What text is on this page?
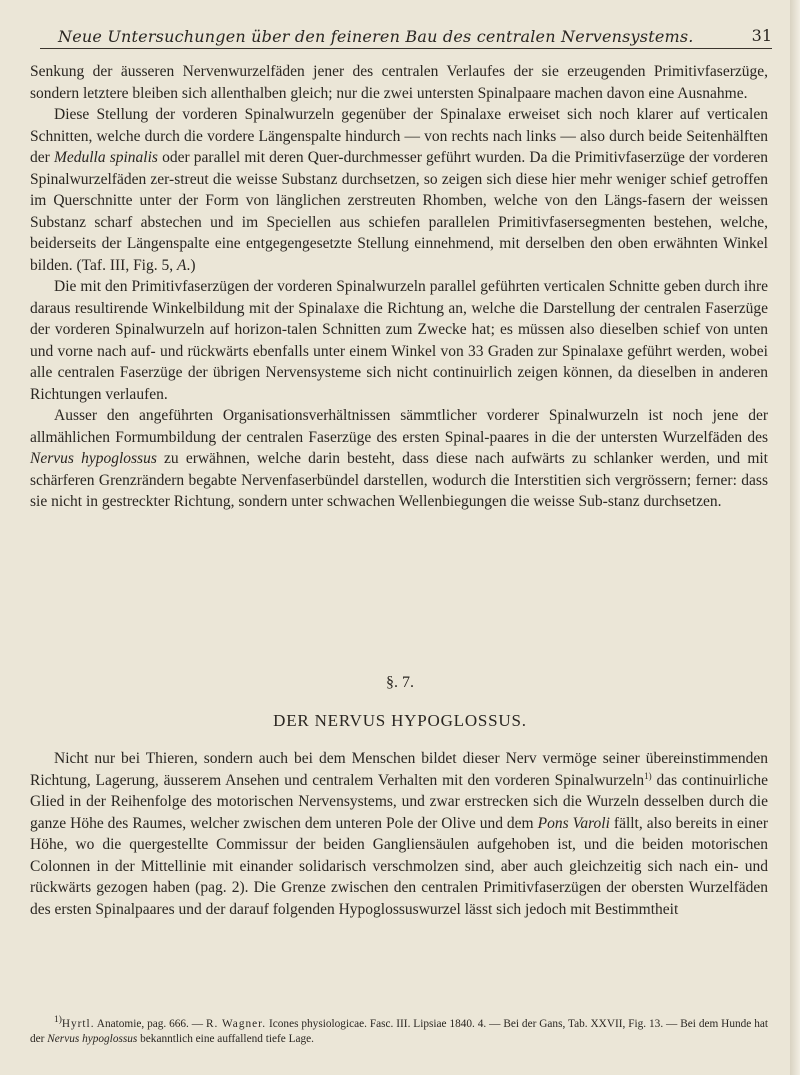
Neue Untersuchungen über den feineren Bau des centralen Nervensystems.	31

Senkung der äusseren Nervenwurzelfäden jener des centralen Verlaufes der sie erzeugenden Primitivfaserzüge, sondern letztere bleiben sich allenthalben gleich; nur die zwei untersten Spinalpaare machen davon eine Ausnahme.

Diese Stellung der vorderen Spinalwurzeln gegenüber der Spinalaxe erweiset sich noch klarer auf verticalen Schnitten, welche durch die vordere Längenspalte hindurch — von rechts nach links — also durch beide Seitenhälften der Medulla spinalis oder parallel mit deren Quer-durchmesser geführt wurden. Da die Primitivfaserzüge der vorderen Spinalwurzelfäden zer-streut die weisse Substanz durchsetzen, so zeigen sich diese hier mehr weniger schief getroffen im Querschnitte unter der Form von länglichen zerstreuten Rhomben, welche von den Längs-fasern der weissen Substanz scharf abstechen und im Speciellen aus schiefen parallelen Primitivfasersegmenten bestehen, welche, beiderseits der Längenspalte eine entgegengesetzte Stellung einnehmend, mit derselben den oben erwähnten Winkel bilden. (Taf. III, Fig. 5, A.)

Die mit den Primitivfaserzügen der vorderen Spinalwurzeln parallel geführten verticalen Schnitte geben durch ihre daraus resultirende Winkelbildung mit der Spinalaxe die Richtung an, welche die Darstellung der centralen Faserzüge der vorderen Spinalwurzeln auf horizon-talen Schnitten zum Zwecke hat; es müssen also dieselben schief von unten und vorne nach auf- und rückwärts ebenfalls unter einem Winkel von 33 Graden zur Spinalaxe geführt werden, wobei alle centralen Faserzüge der übrigen Nervensysteme sich nicht continuirlich zeigen können, da dieselben in anderen Richtungen verlaufen.

Ausser den angeführten Organisationsverhältnissen sämmtlicher vorderer Spinalwurzeln ist noch jene der allmählichen Formumbildung der centralen Faserzüge des ersten Spinal-paares in die der untersten Wurzelfäden des Nervus hypoglossus zu erwähnen, welche darin besteht, dass diese nach aufwärts zu schlanker werden, und mit schärferen Grenzrändern begabte Nervenfaserbündel darstellen, wodurch die Interstitien sich vergrössern; ferner: dass sie nicht in gestreckter Richtung, sondern unter schwachen Wellenbiegungen die weisse Sub-stanz durchsetzen.

§. 7.
DER NERVUS HYPOGLOSSUS.

Nicht nur bei Thieren, sondern auch bei dem Menschen bildet dieser Nerv vermöge seiner übereinstimmenden Richtung, Lagerung, äusserem Ansehen und centralem Verhalten mit den vorderen Spinalwurzeln$^{1)}$ das continuirliche Glied in der Reihenfolge des motorischen Nervensystems, und zwar erstrecken sich die Wurzeln desselben durch die ganze Höhe des Raumes, welcher zwischen dem unteren Pole der Olive und dem Pons Varoli fällt, also bereits in einer Höhe, wo die quergestellte Commissur der beiden Gangliensäulen aufgehoben ist, und die beiden motorischen Colonnen in der Mittellinie mit einander solidarisch verschmolzen sind, aber auch gleichzeitig sich nach ein- und rückwärts gezogen haben (pag. 2). Die Grenze zwischen den centralen Primitivfaserzügen der obersten Wurzelfäden des ersten Spinalpaares und der darauf folgenden Hypoglossuswurzel lässt sich jedoch mit Bestimmtheit

$^{1)}$Hyrtl. Anatomie, pag. 666. — R. Wagner. Icones physiologicae. Fasc. III. Lipsiae 1840. 4. — Bei der Gans, Tab. XXVII, Fig. 13. — Bei dem Hunde hat der Nervus hypoglossus bekanntlich eine auffallend tiefe Lage.
